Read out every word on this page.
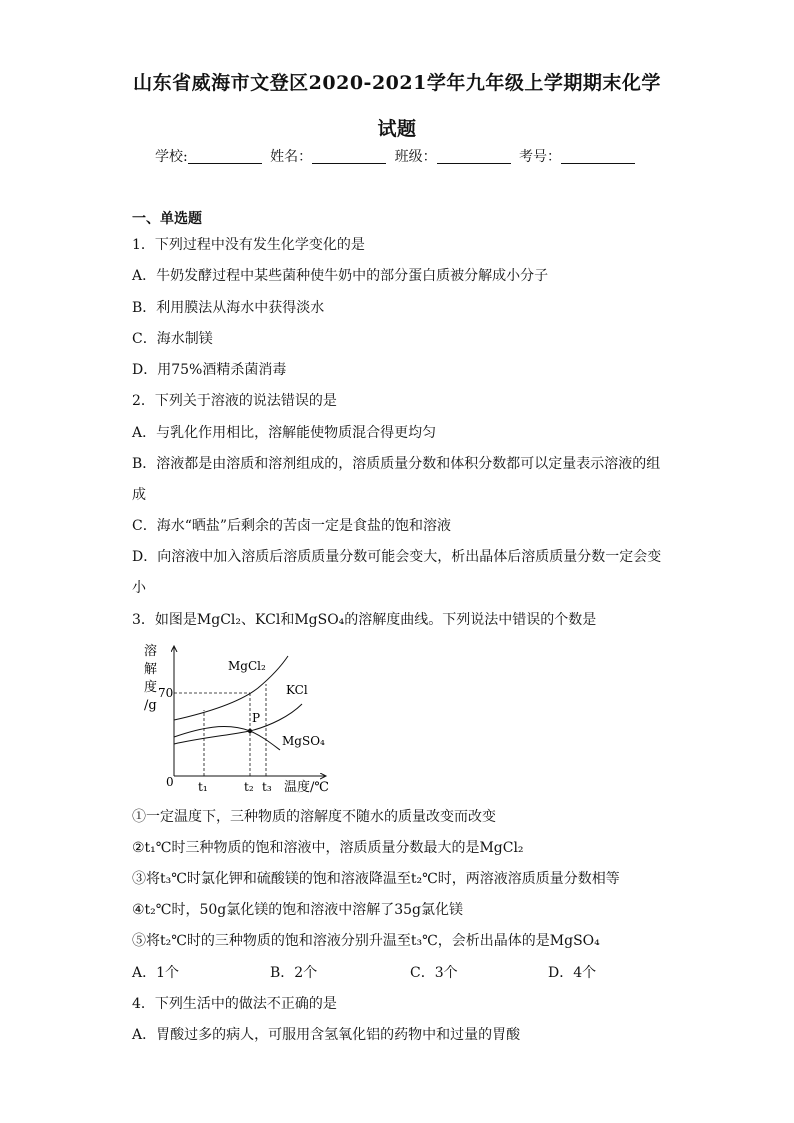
山东省威海市文登区2020-2021学年九年级上学期期末化学
试题
学校:	姓名：	班级：	考号：
一、单选题
1．下列过程中没有发生化学变化的是
A．牛奶发酵过程中某些菌种使牛奶中的部分蛋白质被分解成小分子
B．利用膜法从海水中获得淡水
C．海水制镁
D．用75%酒精杀菌消毒
2．下列关于溶液的说法错误的是
A．与乳化作用相比，溶解能使物质混合得更均匀
B．溶液都是由溶质和溶剂组成的，溶质质量分数和体积分数都可以定量表示溶液的组
成
C．海水“晒盐”后剩余的苦卤一定是食盐的饱和溶液
D．向溶液中加入溶质后溶质质量分数可能会变大，析出晶体后溶质质量分数一定会变
小
3．如图是MgCl₂、KCl和MgSO₄的溶解度曲线。下列说法中错误的个数是
溶
解
度
/g
70
0 t₁	t₂ t₃ 温度/℃
P
MgCl₂
KCl
MgSO₄
①一定温度下，三种物质的溶解度不随水的质量改变而改变
②t₁℃时三种物质的饱和溶液中，溶质质量分数最大的是MgCl₂
③将t₃℃时氯化钾和硫酸镁的饱和溶液降温至t₂℃时，两溶液溶质质量分数相等
④t₂℃时，50g氯化镁的饱和溶液中溶解了35g氯化镁
⑤将t₂℃时的三种物质的饱和溶液分别升温至t₃℃，会析出晶体的是MgSO₄
A．1个	B．2个	C．3个	D．4个
4．下列生活中的做法不正确的是
A．胃酸过多的病人，可服用含氢氧化铝的药物中和过量的胃酸
